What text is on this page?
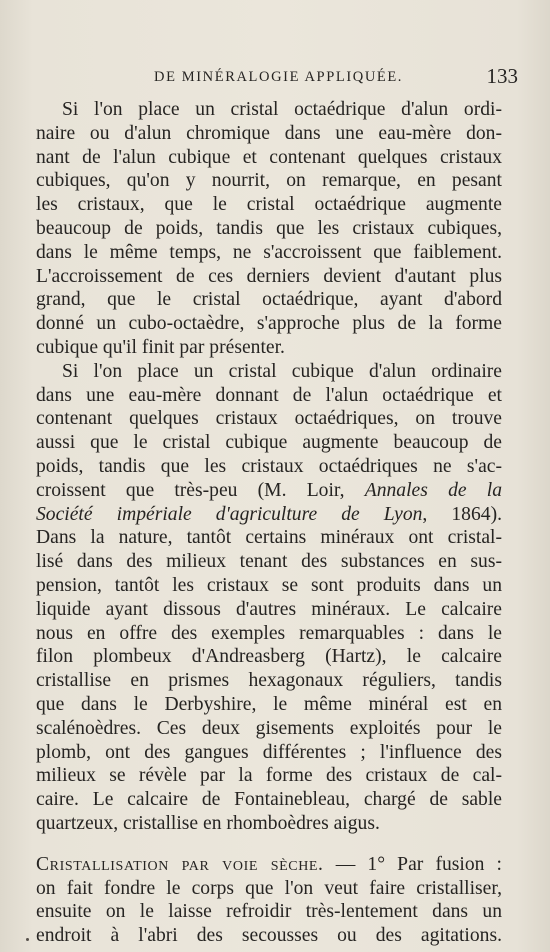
DE MINÉRALOGIE APPLIQUÉE.	133
Si l'on place un cristal octaédrique d'alun ordi-
naire ou d'alun chromique dans une eau-mère don-
nant de l'alun cubique et contenant quelques cristaux
cubiques, qu'on y nourrit, on remarque, en pesant
les cristaux, que le cristal octaédrique augmente
beaucoup de poids, tandis que les cristaux cubiques,
dans le même temps, ne s'accroissent que faiblement.
L'accroissement de ces derniers devient d'autant plus
grand, que le cristal octaédrique, ayant d'abord
donné un cubo-octaèdre, s'approche plus de la forme
cubique qu'il finit par présenter.
Si l'on place un cristal cubique d'alun ordinaire
dans une eau-mère donnant de l'alun octaédrique et
contenant quelques cristaux octaédriques, on trouve
aussi que le cristal cubique augmente beaucoup de
poids, tandis que les cristaux octaédriques ne s'ac-
croissent que très-peu (M. Loir, Annales de la
Société impériale d'agriculture de Lyon, 1864).
Dans la nature, tantôt certains minéraux ont cristal-
lisé dans des milieux tenant des substances en sus-
pension, tantôt les cristaux se sont produits dans un
liquide ayant dissous d'autres minéraux. Le calcaire
nous en offre des exemples remarquables : dans le
filon plombeux d'Andreasberg (Hartz), le calcaire
cristallise en prismes hexagonaux réguliers, tandis
que dans le Derbyshire, le même minéral est en
scalénoèdres. Ces deux gisements exploités pour le
plomb, ont des gangues différentes ; l'influence des
milieux se révèle par la forme des cristaux de cal-
caire. Le calcaire de Fontainebleau, chargé de sable
quartzeux, cristallise en rhomboèdres aigus.
Cristallisation par voie sèche. — 1° Par fusion :
on fait fondre le corps que l'on veut faire cristalliser,
ensuite on le laisse refroidir très-lentement dans un
endroit à l'abri des secousses ou des agitations.
